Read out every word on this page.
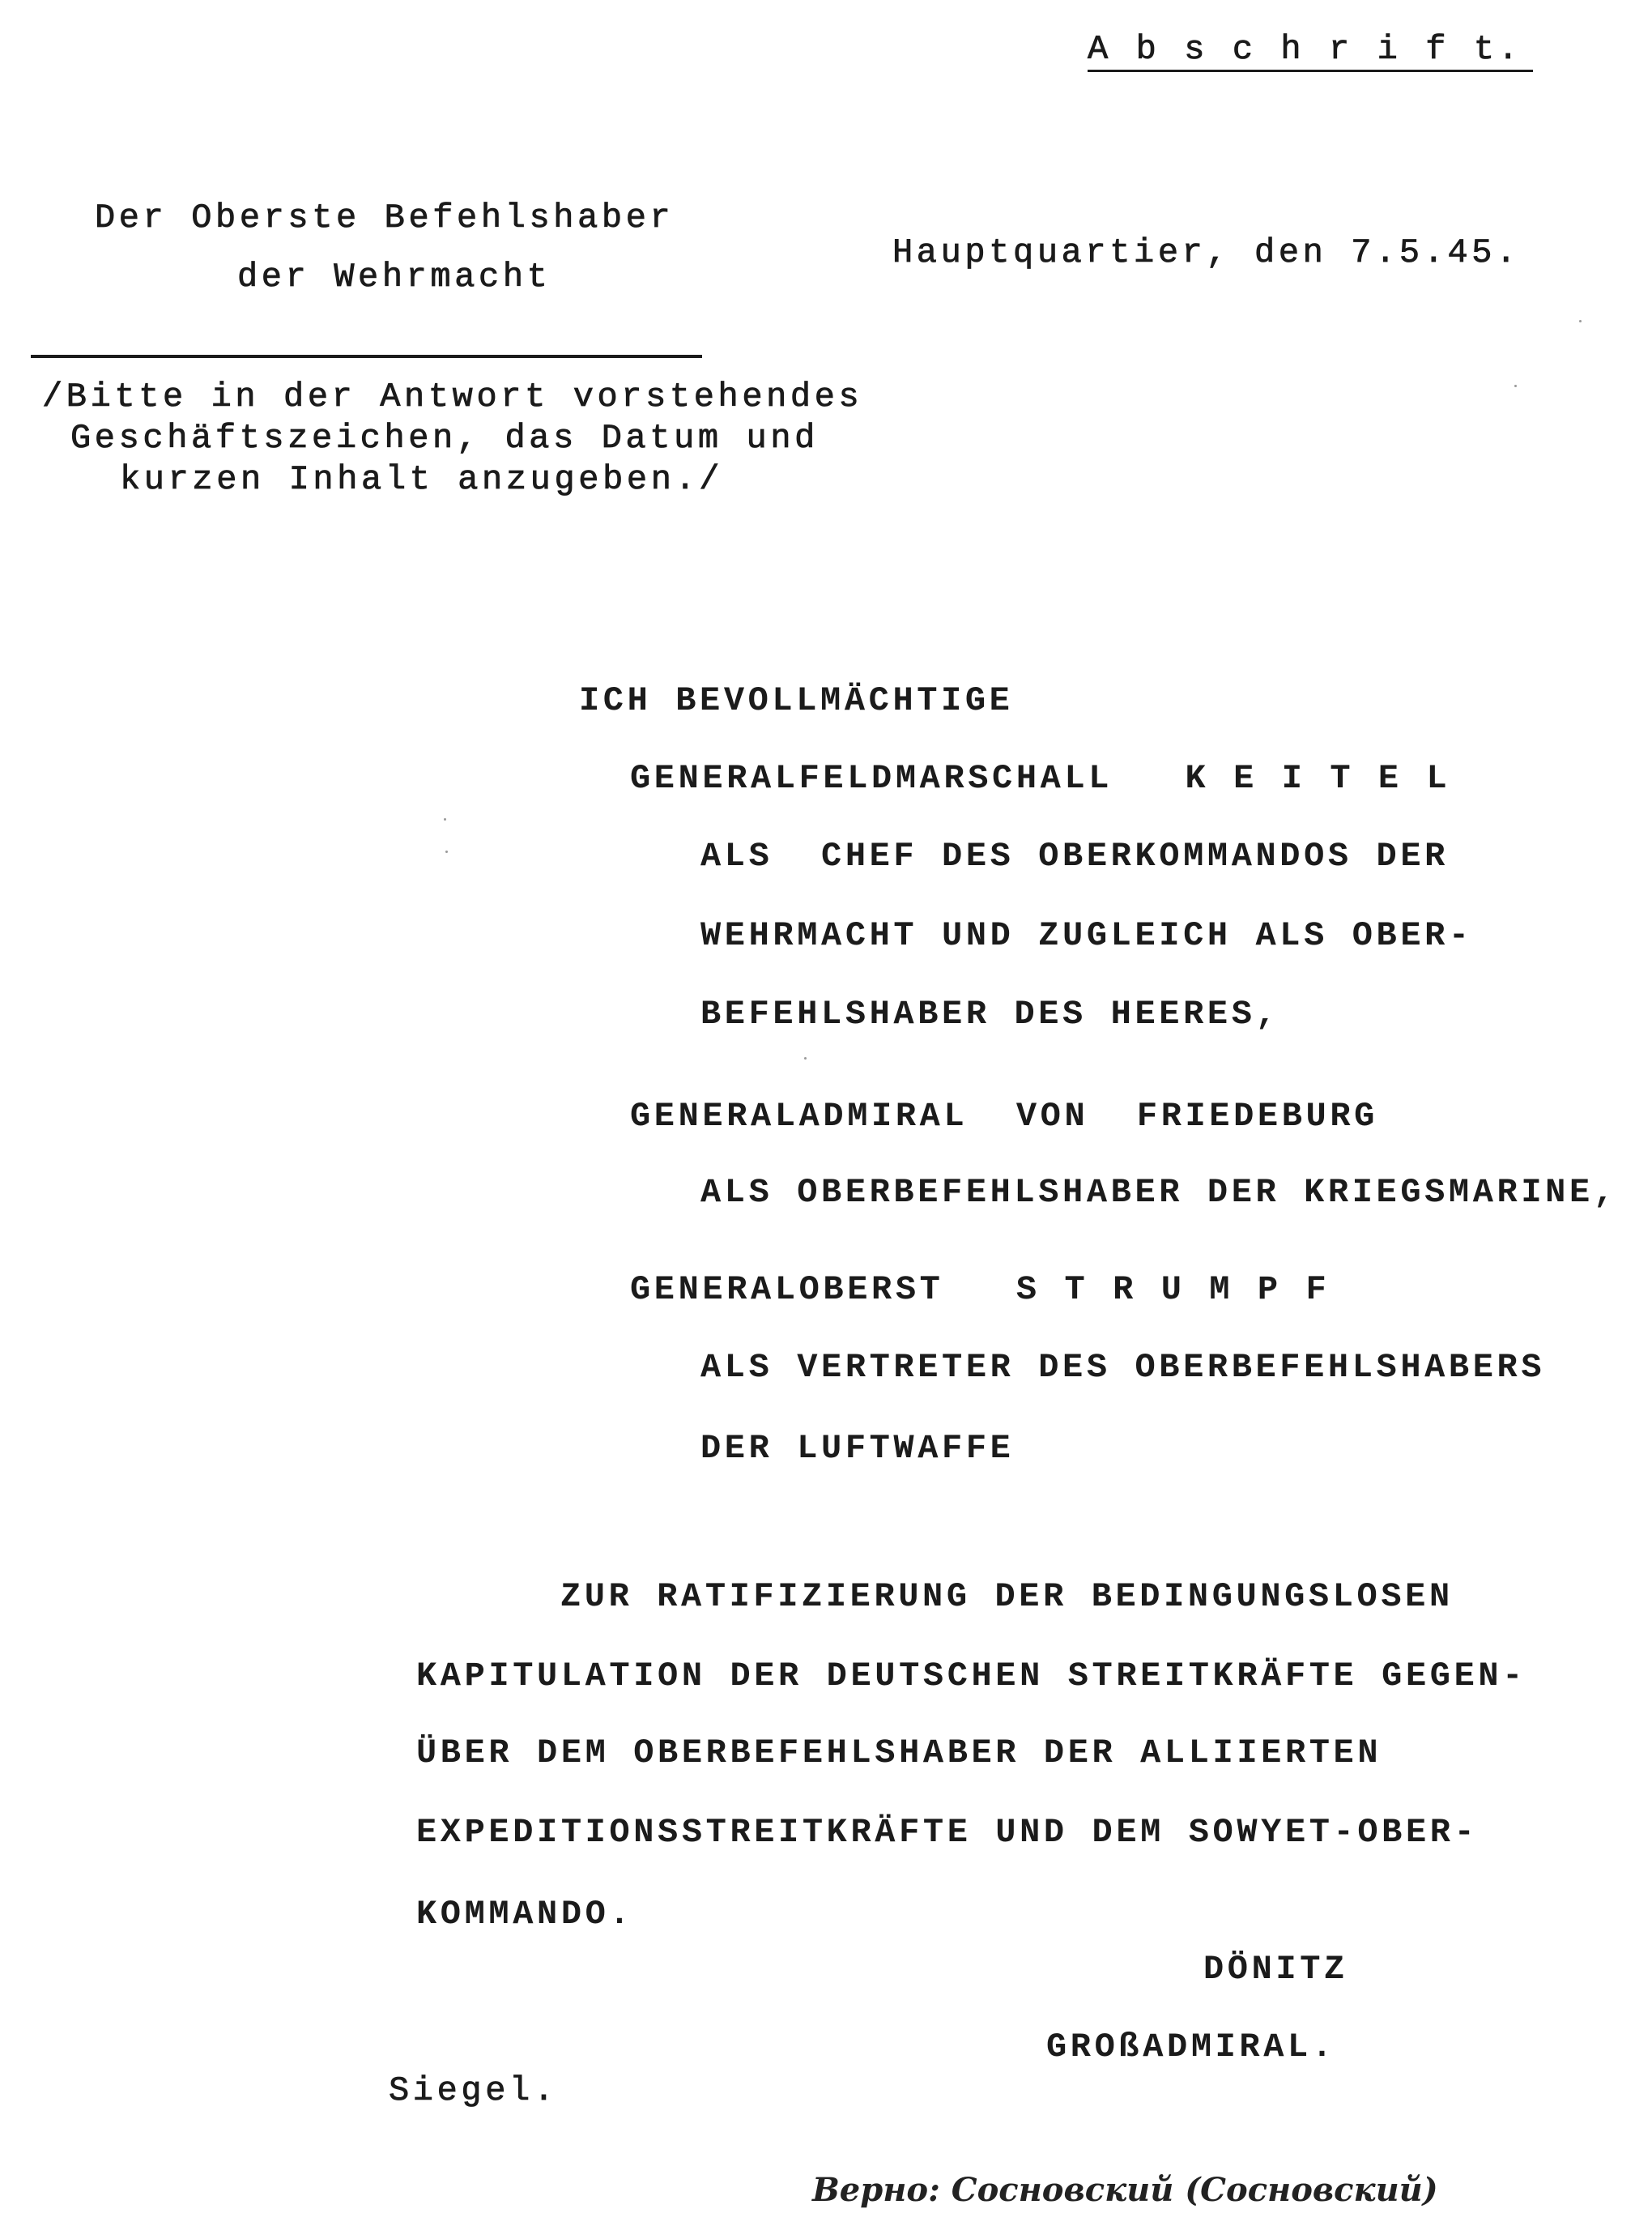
A b s c h r i f t.
Der Oberste Befehlshaber
der Wehrmacht
Hauptquartier, den 7.5.45.
/Bitte in der Antwort vorstehendes
Geschäftszeichen, das Datum und
kurzen Inhalt anzugeben./
ICH BEVOLLMÄCHTIGE
GENERALFELDMARSCHALL   K E I T E L
ALS  CHEF DES OBERKOMMANDOS DER
WEHRMACHT UND ZUGLEICH ALS OBER-
BEFEHLSHABER DES HEERES,
GENERALADMIRAL  VON  FRIEDEBURG
ALS OBERBEFEHLSHABER DER KRIEGSMARINE,
GENERALOBERST   S T R U M P F
ALS VERTRETER DES OBERBEFEHLSHABERS
DER LUFTWAFFE
ZUR RATIFIZIERUNG DER BEDINGUNGSLOSEN
KAPITULATION DER DEUTSCHEN STREITKRÄFTE GEGEN-
ÜBER DEM OBERBEFEHLSHABER DER ALLIIERTEN
EXPEDITIONSSTREITKRÄFTE UND DEM SOWYET-OBER-
KOMMANDO.
DÖNITZ
GROßADMIRAL.
Siegel.
Верно: Сосновский (Сосновский)
